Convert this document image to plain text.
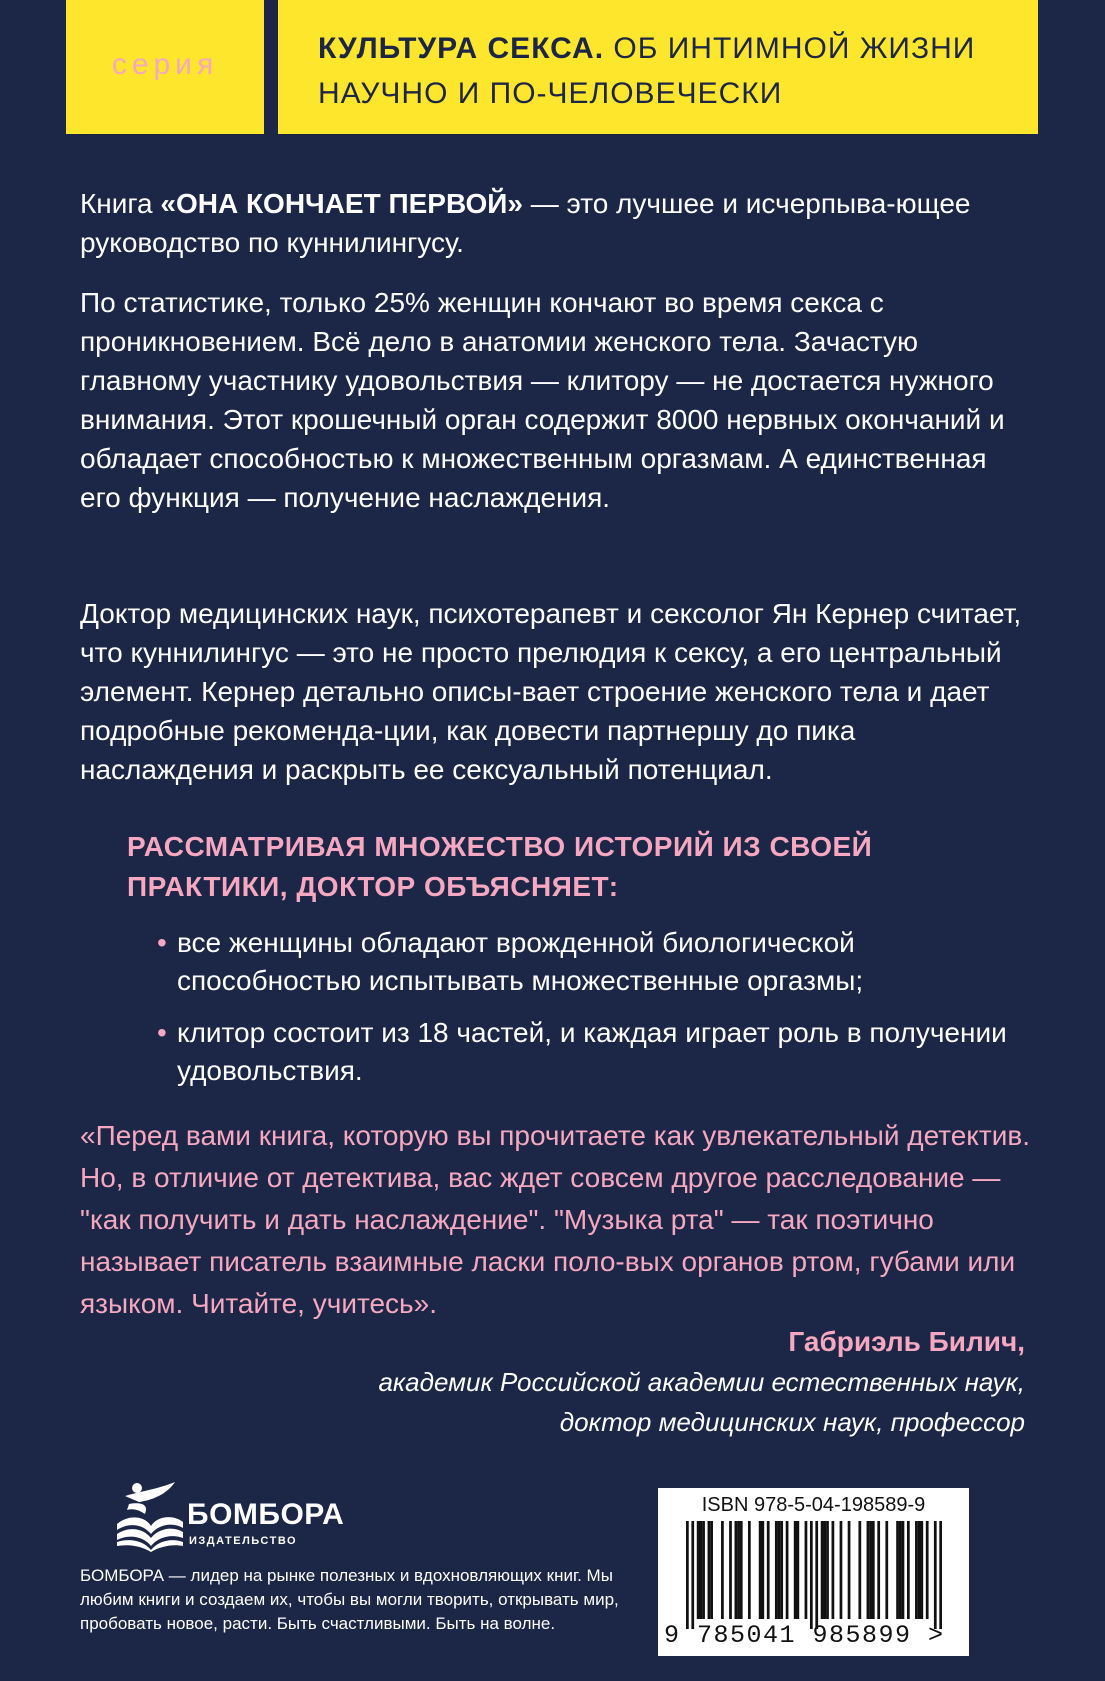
серия	КУЛЬТУРА СЕКСА. ОБ ИНТИМНОЙ ЖИЗНИ НАУЧНО И ПО-ЧЕЛОВЕЧЕСКИ

Книга «ОНА КОНЧАЕТ ПЕРВОЙ» — это лучшее и исчерпыва-ющее руководство по куннилингусу.

По статистике, только 25% женщин кончают во время секса с проникновением. Всё дело в анатомии женского тела. Зачастую главному участнику удовольствия — клитору — не достается нужного внимания. Этот крошечный орган содержит 8000 нервных окончаний и обладает способностью к множественным оргазмам. А единственная его функция — получение наслаждения.

Доктор медицинских наук, психотерапевт и сексолог Ян Кернер считает, что куннилингус — это не просто прелюдия к сексу, а его центральный элемент. Кернер детально описы-вает строение женского тела и дает подробные рекоменда-ции, как довести партнершу до пика наслаждения и раскрыть ее сексуальный потенциал.

РАССМАТРИВАЯ МНОЖЕСТВО ИСТОРИЙ ИЗ СВОЕЙ ПРАКТИКИ, ДОКТОР ОБЪЯСНЯЕТ:
• все женщины обладают врожденной биологической способностью испытывать множественные оргазмы;
• клитор состоит из 18 частей, и каждая играет роль в получении удовольствия.

«Перед вами книга, которую вы прочитаете как увлекательный детектив. Но, в отличие от детектива, вас ждет совсем другое расследование — "как получить и дать наслаждение". "Музыка рта" — так поэтично называет писатель взаимные ласки поло-вых органов ртом, губами или языком. Читайте, учитесь».

Габриэль Билич,
академик Российской академии естественных наук,
доктор медицинских наук, профессор
БОМБОРА
ИЗДАТЕЛЬСТВО

БОМБОРА — лидер на рынке полезных и вдохновляющих книг. Мы любим книги и создаем их, чтобы вы могли творить, открывать мир, пробовать новое, расти. Быть счастливыми. Быть на волне.

ISBN 978-5-04-198589-9
9 785041 985899 >
